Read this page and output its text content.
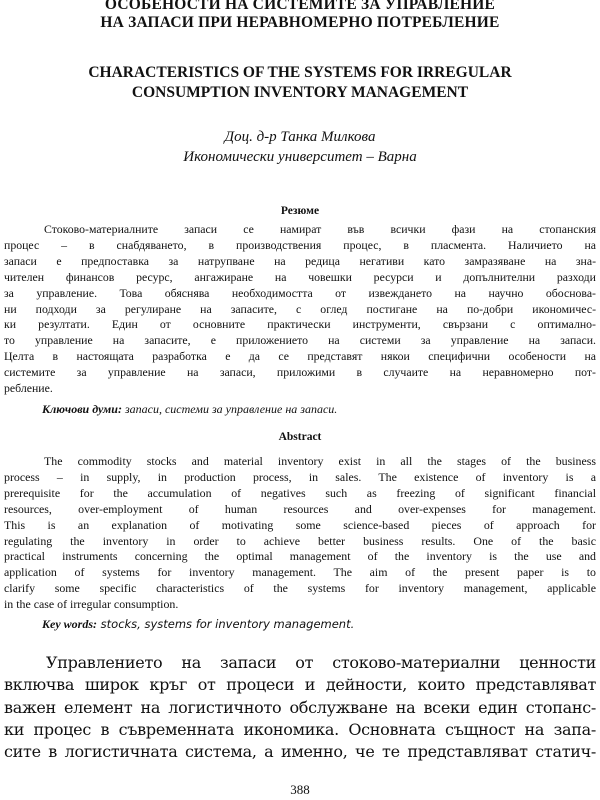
ОСОБЕНОСТИ НА СИСТЕМИТЕ ЗА УПРАВЛЕНИЕ
НА ЗАПАСИ ПРИ НЕРАВНОМЕРНО ПОТРЕБЛЕНИЕ
CHARACTERISTICS OF THE SYSTEMS FOR IRREGULAR
CONSUMPTION INVENTORY MANAGEMENT
Доц. д-р Танка Милкова
Икономически университет – Варна
Резюме
Стоково-материалните запаси се намират във всички фази на стопанския
процес – в снабдяването, в производствения процес, в пласмента. Наличието на
запаси е предпоставка за натрупване на редица негативи като замразяване на зна-
чителен финансов ресурс, ангажиране на човешки ресурси и допълнителни разходи
за управление. Това обяснява необходимостта от извеждането на научно обоснова-
ни подходи за регулиране на запасите, с оглед постигане на по-добри икономичес-
ки резултати. Един от основните практически инструменти, свързани с оптимално-
то управление на запасите, е приложението на системи за управление на запаси.
Целта в настоящата разработка е да се представят някои специфични особености на
системите за управление на запаси, приложими в случаите на неравномерно пот-
ребление.
Ключови думи: запаси, системи за управление на запаси.
Abstract
The commodity stocks and material inventory exist in all the stages of the business
process – in supply, in production process, in sales. The existence of inventory is a
prerequisite for the accumulation of negatives such as freezing of significant financial
resources, over-employment of human resources and over-expenses for management.
This is an explanation of motivating some science-based pieces of approach for
regulating the inventory in order to achieve better business results. One of the basic
practical instruments concerning the optimal management of the inventory is the use and
application of systems for inventory management. The aim of the present paper is to
clarify some specific characteristics of the systems for inventory management, applicable
in the case of irregular consumption.
Key words: stocks, systems for inventory management.
Управлението на запаси от стоково-материални ценности
включва широк кръг от процеси и дейности, които представляват
важен елемент на логистичното обслужване на всеки един стопанс-
ки процес в съвременната икономика. Основната същност на запа-
сите в логистичната система, а именно, че те представляват статич-
388
